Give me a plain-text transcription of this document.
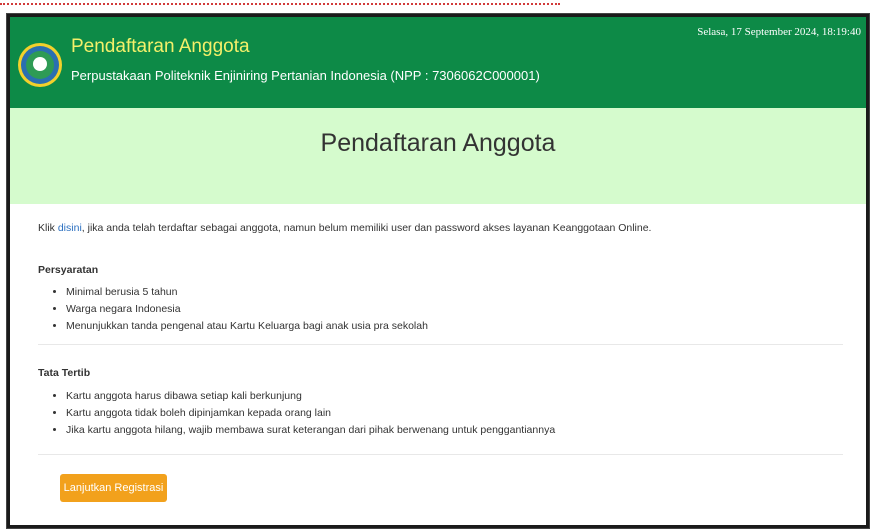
Pendaftaran Anggota
Perpustakaan Politeknik Enjiniring Pertanian Indonesia (NPP : 7306062C000001)
Selasa, 17 September 2024, 18:19:40
Pendaftaran Anggota

Klik disini, jika anda telah terdaftar sebagai anggota, namun belum memiliki user dan password akses layanan Keanggotaan Online.

Persyaratan
• Minimal berusia 5 tahun
• Warga negara Indonesia
• Menunjukkan tanda pengenal atau Kartu Keluarga bagi anak usia pra sekolah
Tata Tertib
• Kartu anggota harus dibawa setiap kali berkunjung
• Kartu anggota tidak boleh dipinjamkan kepada orang lain
• Jika kartu anggota hilang, wajib membawa surat keterangan dari pihak berwenang untuk penggantiannya
Lanjutkan Registrasi
